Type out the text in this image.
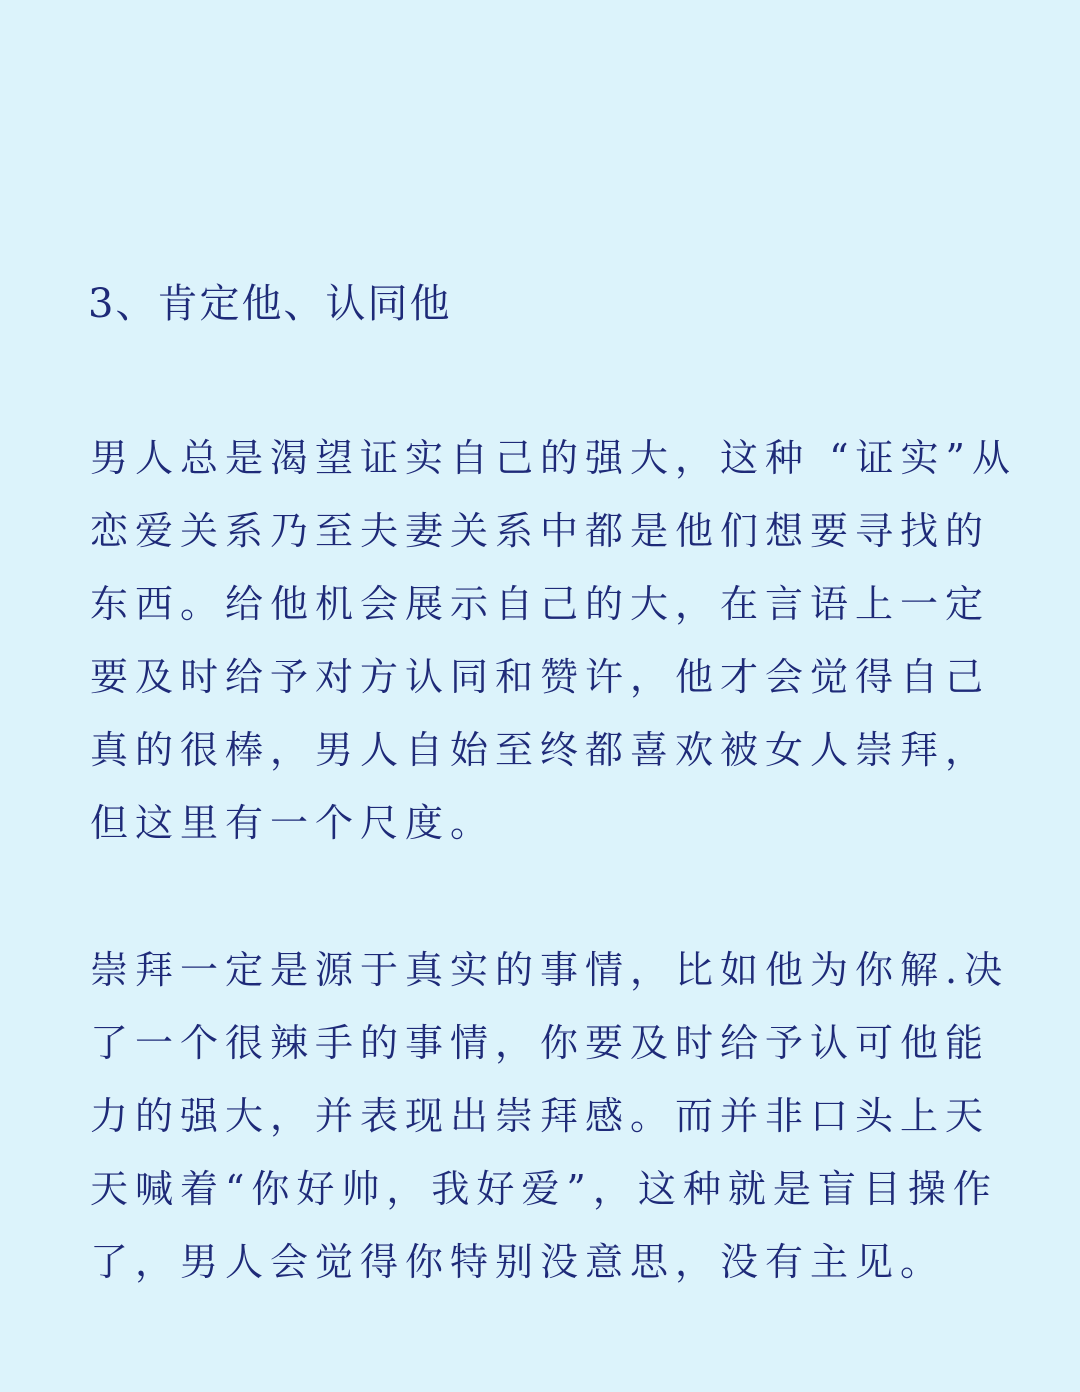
3、肯定他、认同他
男人总是渴望证实自己的强大，这种 “证实”从
恋爱关系乃至夫妻关系中都是他们想要寻找的
东西。给他机会展示自己的大，在言语上一定
要及时给予对方认同和赞许，他才会觉得自己
真的很棒，男人自始至终都喜欢被女人崇拜，
但这里有一个尺度。
崇拜一定是源于真实的事情，比如他为你解.决
了一个很辣手的事情，你要及时给予认可他能
力的强大，并表现出崇拜感。而并非口头上天
天喊着“你好帅，我好爱”，这种就是盲目操作
了，男人会觉得你特别没意思，没有主见。
